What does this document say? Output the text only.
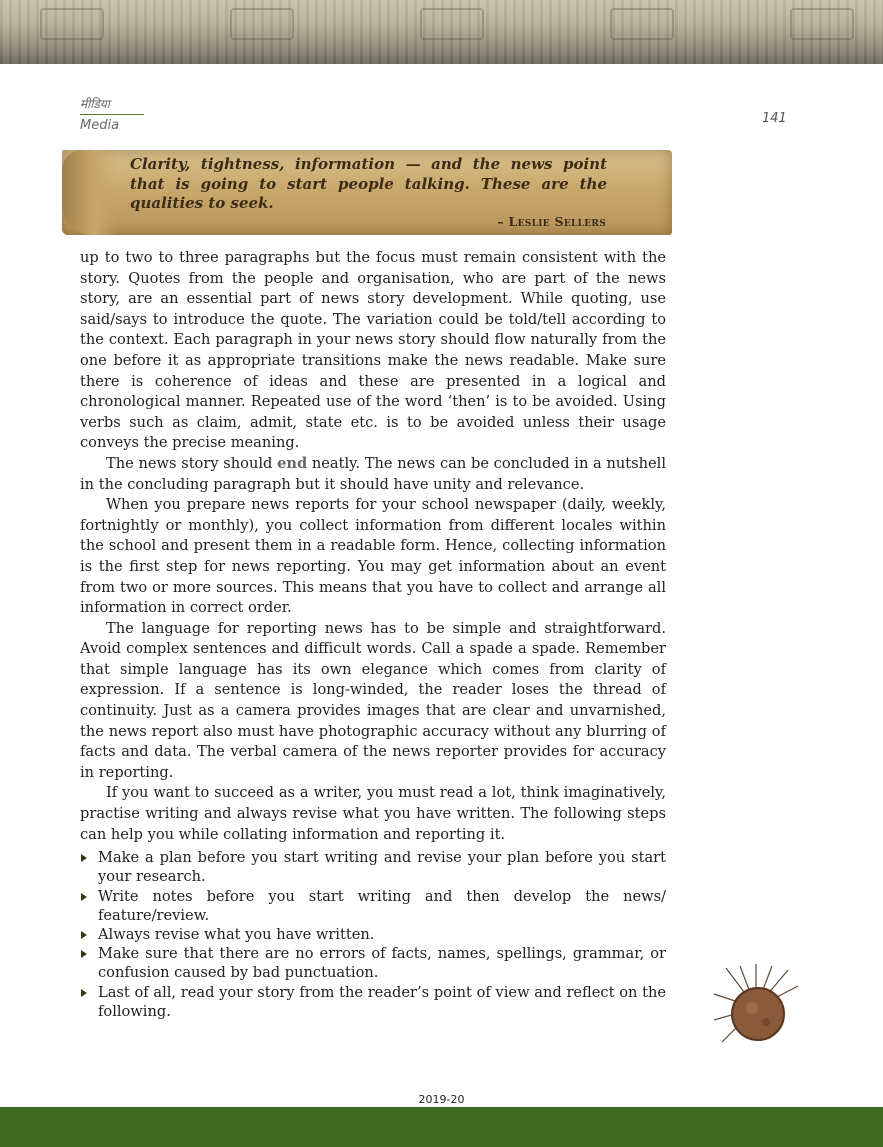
मीडिया
Media	141
Clarity, tightness, information — and the news point that is going to start people talking. These are the qualities to seek.
– Leslie Sellers

up to two to three paragraphs but the focus must remain consistent with the story. Quotes from the people and organisation, who are part of the news story, are an essential part of news story development. While quoting, use said/says to introduce the quote. The variation could be told/tell according to the context. Each paragraph in your news story should flow naturally from the one before it as appropriate transitions make the news readable. Make sure there is coherence of ideas and these are presented in a logical and chronological manner. Repeated use of the word ‘then’ is to be avoided. Using verbs such as claim, admit, state etc. is to be avoided unless their usage conveys the precise meaning.

The news story should end neatly. The news can be concluded in a nutshell in the concluding paragraph but it should have unity and relevance.

When you prepare news reports for your school newspaper (daily, weekly, fortnightly or monthly), you collect information from different locales within the school and present them in a readable form. Hence, collecting information is the first step for news reporting. You may get information about an event from two or more sources. This means that you have to collect and arrange all information in correct order.

The language for reporting news has to be simple and straightforward. Avoid complex sentences and difficult words. Call a spade a spade. Remember that simple language has its own elegance which comes from clarity of expression. If a sentence is long-winded, the reader loses the thread of continuity. Just as a camera provides images that are clear and unvarnished, the news report also must have photographic accuracy without any blurring of facts and data. The verbal camera of the news reporter provides for accuracy in reporting.

If you want to succeed as a writer, you must read a lot, think imaginatively, practise writing and always revise what you have written. The following steps can help you while collating information and reporting it.

Make a plan before you start writing and revise your plan before you start your research.
Write notes before you start writing and then develop the news/ feature/review.
Always revise what you have written.
Make sure that there are no errors of facts, names, spellings, grammar, or confusion caused by bad punctuation.
Last of all, read your story from the reader’s point of view and reflect on the following.
2019-20
